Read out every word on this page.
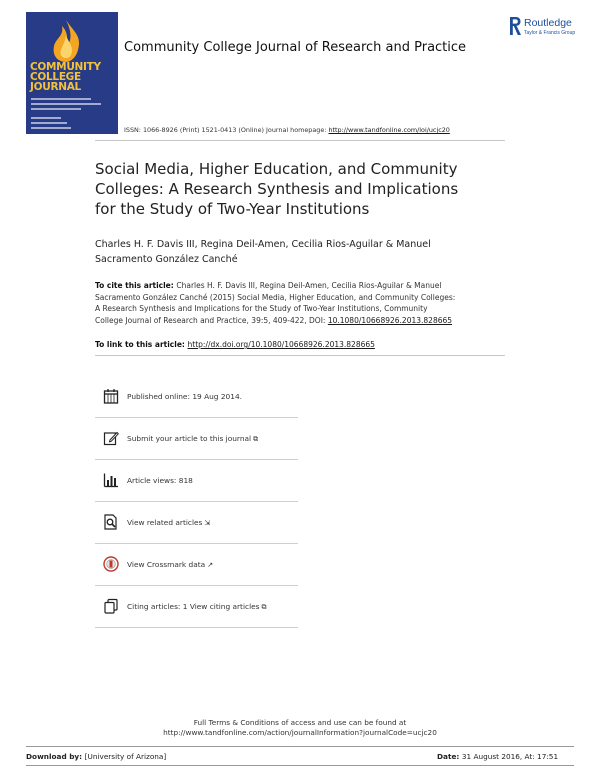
COMMUNITY
COLLEGE
JOURNAL
Community College Journal of Research and Practice
Routledge
Taylor & Francis Group
ISSN: 1066-8926 (Print) 1521-0413 (Online) Journal homepage: http://www.tandfonline.com/loi/ucjc20
Social Media, Higher Education, and Community
Colleges: A Research Synthesis and Implications
for the Study of Two-Year Institutions
Charles H. F. Davis III, Regina Deil-Amen, Cecilia Rios-Aguilar & Manuel
Sacramento González Canché
To cite this article: Charles H. F. Davis III, Regina Deil-Amen, Cecilia Rios-Aguilar & Manuel
Sacramento González Canché (2015) Social Media, Higher Education, and Community Colleges:
A Research Synthesis and Implications for the Study of Two-Year Institutions, Community
College Journal of Research and Practice, 39:5, 409-422, DOI: 10.1080/10668926.2013.828665
To link to this article: http://dx.doi.org/10.1080/10668926.2013.828665
Published online: 19 Aug 2014.
Submit your article to this journal ⧉
Article views: 818
View related articles ⇲
View Crossmark data ↗
Citing articles: 1 View citing articles ⧉
Full Terms & Conditions of access and use can be found at
http://www.tandfonline.com/action/journalInformation?journalCode=ucjc20
Download by: [University of Arizona]	Date: 31 August 2016, At: 17:51
